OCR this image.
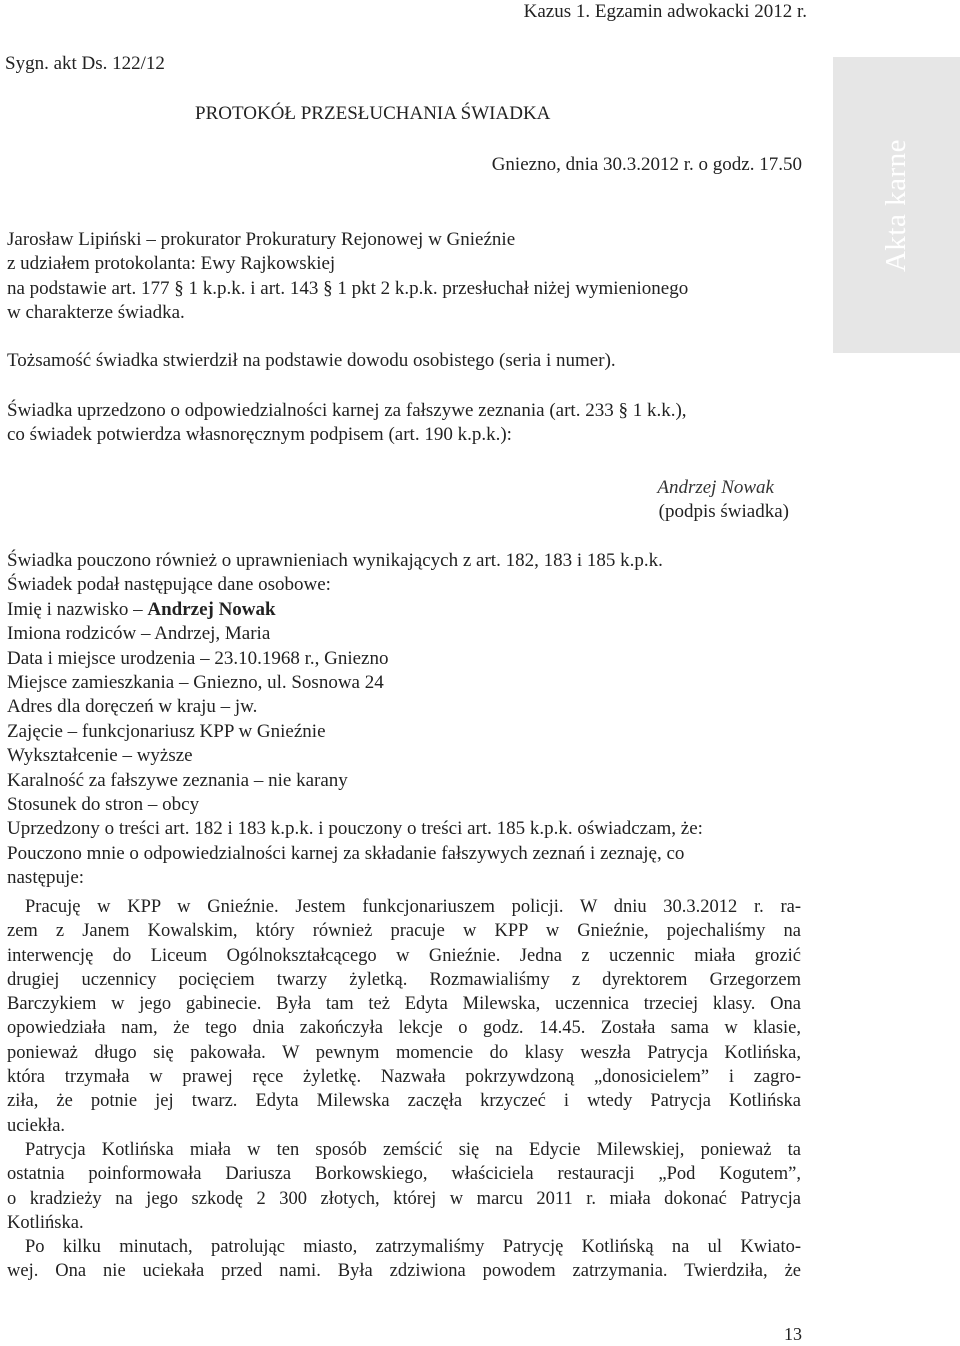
Kazus 1. Egzamin adwokacki 2012 r.
Sygn. akt Ds. 122/12
PROTOKÓŁ PRZESŁUCHANIA ŚWIADKA
Gniezno, dnia 30.3.2012 r. o godz. 17.50	Akta karne
Jarosław Lipiński – prokurator Prokuratury Rejonowej w Gnieźnie
z udziałem protokolanta: Ewy Rajkowskiej
na podstawie art. 177 § 1 k.p.k. i art. 143 § 1 pkt 2 k.p.k. przesłuchał niżej wymienionego
w charakterze świadka.
Tożsamość świadka stwierdził na podstawie dowodu osobistego (seria i numer).
Świadka uprzedzono o odpowiedzialności karnej za fałszywe zeznania (art. 233 § 1 k.k.),
co świadek potwierdza własnoręcznym podpisem (art. 190 k.p.k.):
Andrzej Nowak
(podpis świadka)
Świadka pouczono również o uprawnieniach wynikających z art. 182, 183 i 185 k.p.k.
Świadek podał następujące dane osobowe:
Imię i nazwisko – Andrzej Nowak
Imiona rodziców – Andrzej, Maria
Data i miejsce urodzenia – 23.10.1968 r., Gniezno
Miejsce zamieszkania – Gniezno, ul. Sosnowa 24
Adres dla doręczeń w kraju – jw.
Zajęcie – funkcjonariusz KPP w Gnieźnie
Wykształcenie – wyższe
Karalność za fałszywe zeznania – nie karany
Stosunek do stron – obcy
Uprzedzony o treści art. 182 i 183 k.p.k. i pouczony o treści art. 185 k.p.k. oświadczam, że:
Pouczono mnie o odpowiedzialności karnej za składanie fałszywych zeznań i zeznaję, co
następuje:
Pracuję w KPP w Gnieźnie. Jestem funkcjonariuszem policji. W dniu 30.3.2012 r. ra-
zem z Janem Kowalskim, który również pracuje w KPP w Gnieźnie, pojechaliśmy na
interwencję do Liceum Ogólnokształcącego w Gnieźnie. Jedna z uczennic miała grozić
drugiej uczennicy pocięciem twarzy żyletką. Rozmawialiśmy z dyrektorem Grzegorzem
Barczykiem w jego gabinecie. Była tam też Edyta Milewska, uczennica trzeciej klasy. Ona
opowiedziała nam, że tego dnia zakończyła lekcje o godz. 14.45. Została sama w klasie,
ponieważ długo się pakowała. W pewnym momencie do klasy weszła Patrycja Kotlińska,
która trzymała w prawej ręce żyletkę. Nazwała pokrzywdzoną „donosicielem” i zagro-
ziła, że potnie jej twarz. Edyta Milewska zaczęła krzyczeć i wtedy Patrycja Kotlińska
uciekła.
Patrycja Kotlińska miała w ten sposób zemścić się na Edycie Milewskiej, ponieważ ta
ostatnia poinformowała Dariusza Borkowskiego, właściciela restauracji „Pod Kogutem”,
o kradzieży na jego szkodę 2 300 złotych, której w marcu 2011 r. miała dokonać Patrycja
Kotlińska.
Po kilku minutach, patrolując miasto, zatrzymaliśmy Patrycję Kotlińską na ul Kwiato-
wej. Ona nie uciekała przed nami. Była zdziwiona powodem zatrzymania. Twierdziła, że
13
